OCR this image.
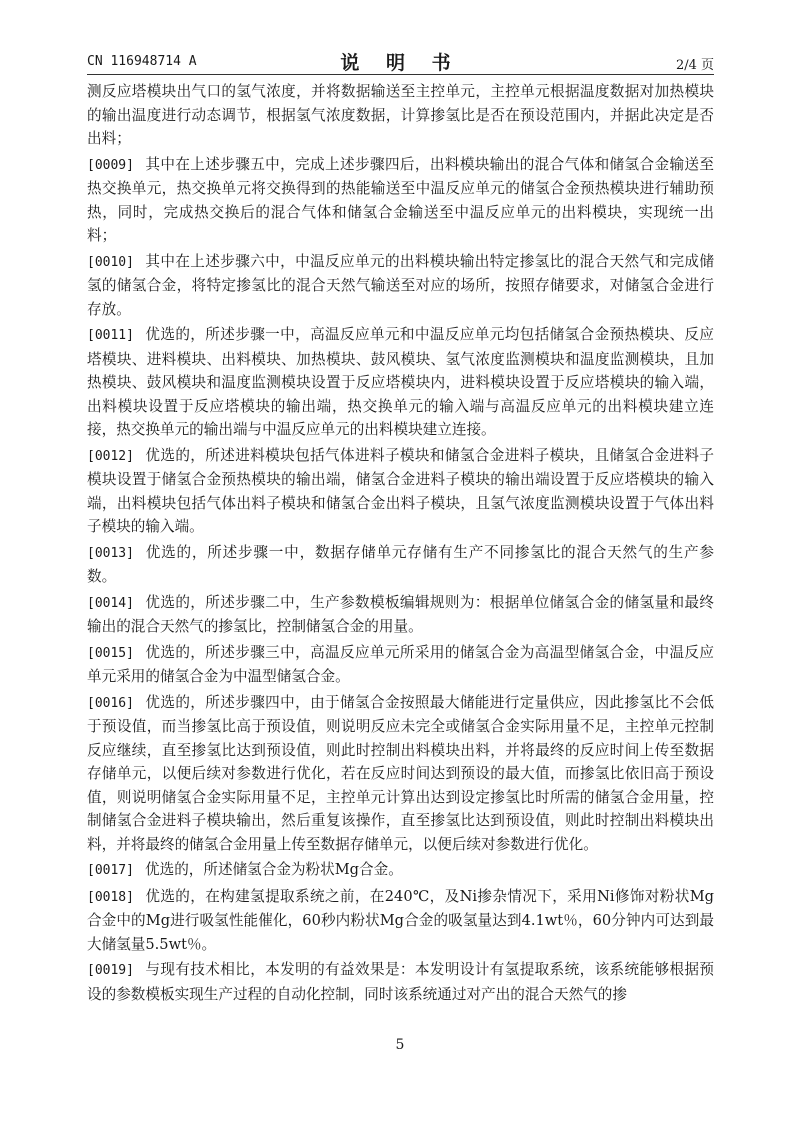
CN 116948714 A	说 明 书	2/4 页

测反应塔模块出气口的氢气浓度，并将数据输送至主控单元，主控单元根据温度数据对加热模块的输出温度进行动态调节，根据氢气浓度数据，计算掺氢比是否在预设范围内，并据此决定是否出料；

[0009] 其中在上述步骤五中，完成上述步骤四后，出料模块输出的混合气体和储氢合金输送至热交换单元，热交换单元将交换得到的热能输送至中温反应单元的储氢合金预热模块进行辅助预热，同时，完成热交换后的混合气体和储氢合金输送至中温反应单元的出料模块，实现统一出料；

[0010] 其中在上述步骤六中，中温反应单元的出料模块输出特定掺氢比的混合天然气和完成储氢的储氢合金，将特定掺氢比的混合天然气输送至对应的场所，按照存储要求，对储氢合金进行存放。

[0011] 优选的，所述步骤一中，高温反应单元和中温反应单元均包括储氢合金预热模块、反应塔模块、进料模块、出料模块、加热模块、鼓风模块、氢气浓度监测模块和温度监测模块，且加热模块、鼓风模块和温度监测模块设置于反应塔模块内，进料模块设置于反应塔模块的输入端，出料模块设置于反应塔模块的输出端，热交换单元的输入端与高温反应单元的出料模块建立连接，热交换单元的输出端与中温反应单元的出料模块建立连接。

[0012] 优选的，所述进料模块包括气体进料子模块和储氢合金进料子模块，且储氢合金进料子模块设置于储氢合金预热模块的输出端，储氢合金进料子模块的输出端设置于反应塔模块的输入端，出料模块包括气体出料子模块和储氢合金出料子模块，且氢气浓度监测模块设置于气体出料子模块的输入端。

[0013] 优选的，所述步骤一中，数据存储单元存储有生产不同掺氢比的混合天然气的生产参数。

[0014] 优选的，所述步骤二中，生产参数模板编辑规则为：根据单位储氢合金的储氢量和最终输出的混合天然气的掺氢比，控制储氢合金的用量。

[0015] 优选的，所述步骤三中，高温反应单元所采用的储氢合金为高温型储氢合金，中温反应单元采用的储氢合金为中温型储氢合金。

[0016] 优选的，所述步骤四中，由于储氢合金按照最大储能进行定量供应，因此掺氢比不会低于预设值，而当掺氢比高于预设值，则说明反应未完全或储氢合金实际用量不足，主控单元控制反应继续，直至掺氢比达到预设值，则此时控制出料模块出料，并将最终的反应时间上传至数据存储单元，以便后续对参数进行优化，若在反应时间达到预设的最大值，而掺氢比依旧高于预设值，则说明储氢合金实际用量不足，主控单元计算出达到设定掺氢比时所需的储氢合金用量，控制储氢合金进料子模块输出，然后重复该操作，直至掺氢比达到预设值，则此时控制出料模块出料，并将最终的储氢合金用量上传至数据存储单元，以便后续对参数进行优化。

[0017] 优选的，所述储氢合金为粉状Mg合金。

[0018] 优选的，在构建氢提取系统之前，在240℃，及Ni掺杂情况下，采用Ni修饰对粉状Mg合金中的Mg进行吸氢性能催化，60秒内粉状Mg合金的吸氢量达到4.1wt％，60分钟内可达到最大储氢量5.5wt％。

[0019] 与现有技术相比，本发明的有益效果是：本发明设计有氢提取系统，该系统能够根据预设的参数模板实现生产过程的自动化控制，同时该系统通过对产出的混合天然气的掺

5
